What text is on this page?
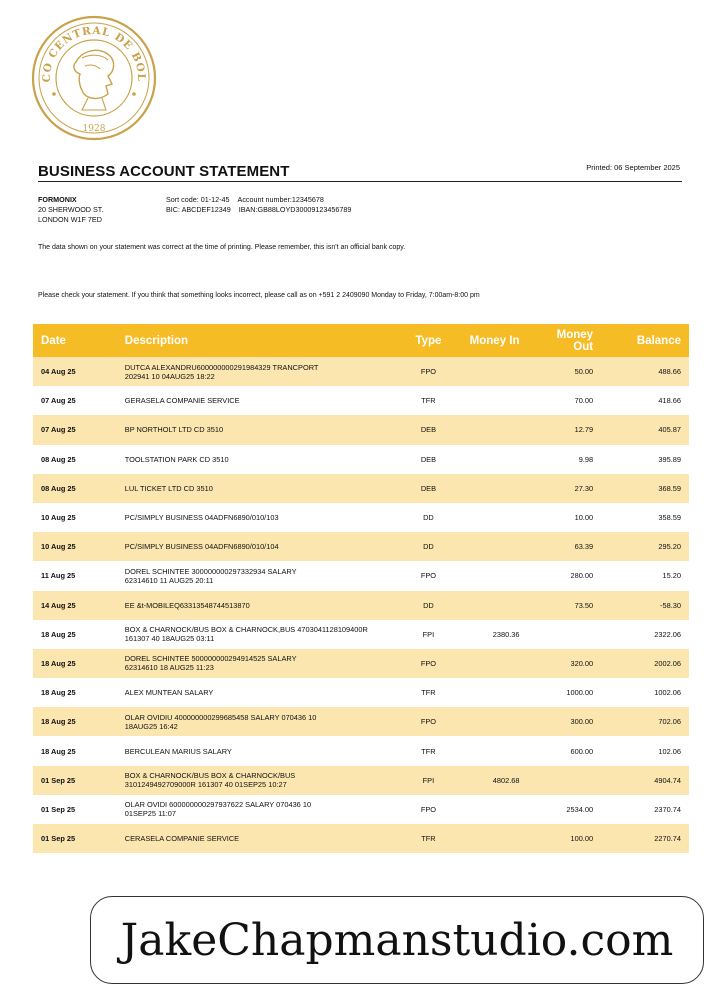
CO CENTRAL DE BOL
1928
BUSINESS ACCOUNT STATEMENT	Printed: 06 September 2025
FORMONIX
20 SHERWOOD ST.
LONDON W1F 7ED
Sort code: 01-12-45 Account number:12345678
BIC: ABCDEF12349 IBAN:GB88LOYD30009123456789
The data shown on your statement was correct at the time of printing. Please remember, this isn't an official bank copy.
Please check your statement. If you think that something looks incorrect, please call as on +591 2 2409090 Monday to Friday, 7:00am-8:00 pm
Date	Description	Type	Money In	Money Out	Balance
04 Aug 25	DUTCA ALEXANDRU600000000291984329 TRANCPORT
202941 10 04AUG25 18:22	FPO		50.00	488.66
07 Aug 25	GERASELA COMPANIE SERVICE	TFR		70.00	418.66
07 Aug 25	BP NORTHOLT LTD CD 3510	DEB		12.79	405.87
08 Aug 25	TOOLSTATION PARK CD 3510	DEB		9.98	395.89
08 Aug 25	LUL TICKET LTD CD 3510	DEB		27.30	368.59
10 Aug 25	PC/SIMPLY BUSINESS 04ADFN6890/010/103	DD		10.00	358.59
10 Aug 25	PC/SIMPLY BUSINESS 04ADFN6890/010/104	DD		63.39	295.20
11 Aug 25	DOREL SCHINTEE 300000000297332934 SALARY
62314610 11 AUG25 20:11	FPO		280.00	15.20
14 Aug 25	EE &t-MOBILEQ63313548744513870	DD		73.50	-58.30
18 Aug 25	BOX & CHARNOCK/BUS BOX & CHARNOCK,BUS 4703041128109400R
161307 40 18AUG25 03:11	FPI	2380.36		2322.06
18 Aug 25	DOREL SCHINTEE 500000000294914525 SALARY
62314610 18 AUG25 11:23	FPO		320.00	2002.06
18 Aug 25	ALEX MUNTEAN SALARY	TFR		1000.00	1002.06
18 Aug 25	OLAR OVIDIU 400000000299685458 SALARY 070436 10
18AUG25 16:42	FPO		300.00	702.06
18 Aug 25	BERCULEAN MARIUS SALARY	TFR		600.00	102.06
01 Sep 25	BOX & CHARNOCK/BUS BOX & CHARNOCK/BUS
3101249492709000R 161307 40 01SEP25 10:27	FPI	4802.68		4904.74
01 Sep 25	OLAR OVIDI 600000000297937622 SALARY 070436 10
01SEP25 11:07	FPO		2534.00	2370.74
01 Sep 25	CERASELA COMPANIE SERVICE	TFR		100.00	2270.74
JakeChapmanstudio.com
